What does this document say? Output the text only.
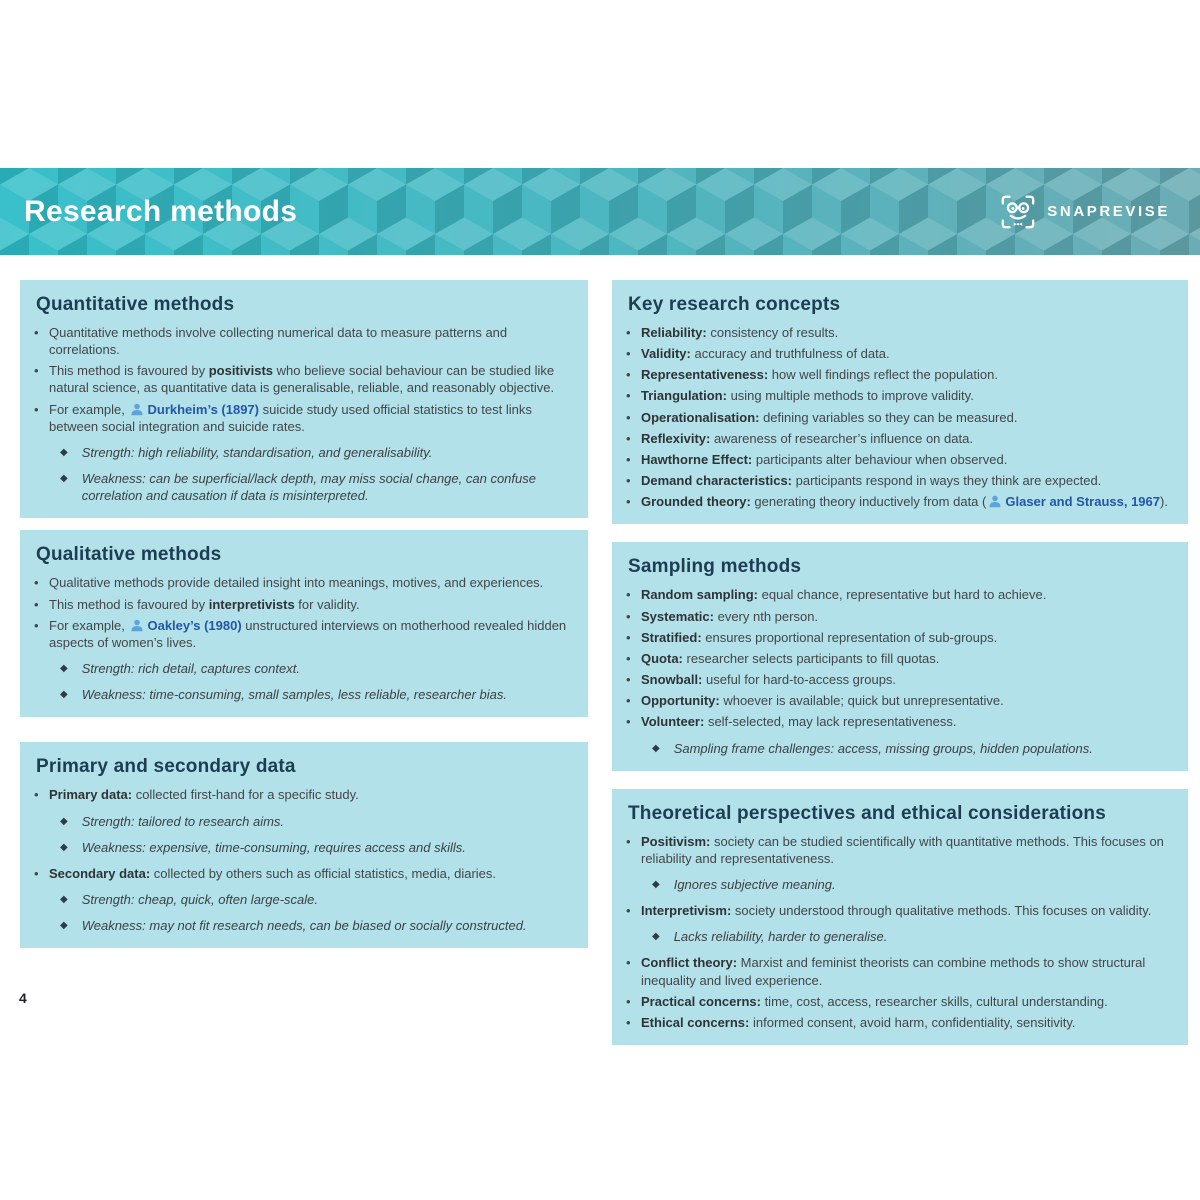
Research methods	SNAPREVISE
Quantitative methods
• Quantitative methods involve collecting numerical data to measure patterns and correlations.
• This method is favoured by positivists who believe social behaviour can be studied like natural science, as quantitative data is generalisable, reliable, and reasonably objective.
• For example, Durkheim’s (1897) suicide study used official statistics to test links between social integration and suicide rates.
◆ Strength: high reliability, standardisation, and generalisability.
◆ Weakness: can be superficial/lack depth, may miss social change, can confuse correlation and causation if data is misinterpreted.
Qualitative methods
• Qualitative methods provide detailed insight into meanings, motives, and experiences.
• This method is favoured by interpretivists for validity.
• For example, Oakley’s (1980) unstructured interviews on motherhood revealed hidden aspects of women’s lives.
◆ Strength: rich detail, captures context.
◆ Weakness: time-consuming, small samples, less reliable, researcher bias.
Primary and secondary data
• Primary data: collected first-hand for a specific study.
◆ Strength: tailored to research aims.
◆ Weakness: expensive, time-consuming, requires access and skills.
• Secondary data: collected by others such as official statistics, media, diaries.
◆ Strength: cheap, quick, often large-scale.
◆ Weakness: may not fit research needs, can be biased or socially constructed.
Key research concepts
• Reliability: consistency of results.
• Validity: accuracy and truthfulness of data.
• Representativeness: how well findings reflect the population.
• Triangulation: using multiple methods to improve validity.
• Operationalisation: defining variables so they can be measured.
• Reflexivity: awareness of researcher’s influence on data.
• Hawthorne Effect: participants alter behaviour when observed.
• Demand characteristics: participants respond in ways they think are expected.
• Grounded theory: generating theory inductively from data ( Glaser and Strauss, 1967).
Sampling methods
• Random sampling: equal chance, representative but hard to achieve.
• Systematic: every nth person.
• Stratified: ensures proportional representation of sub-groups.
• Quota: researcher selects participants to fill quotas.
• Snowball: useful for hard-to-access groups.
• Opportunity: whoever is available; quick but unrepresentative.
• Volunteer: self-selected, may lack representativeness.
◆ Sampling frame challenges: access, missing groups, hidden populations.
Theoretical perspectives and ethical considerations
• Positivism: society can be studied scientifically with quantitative methods. This focuses on reliability and representativeness.
◆ Ignores subjective meaning.
• Interpretivism: society understood through qualitative methods. This focuses on validity.
◆ Lacks reliability, harder to generalise.
• Conflict theory: Marxist and feminist theorists can combine methods to show structural inequality and lived experience.
• Practical concerns: time, cost, access, researcher skills, cultural understanding.
• Ethical concerns: informed consent, avoid harm, confidentiality, sensitivity.
4
